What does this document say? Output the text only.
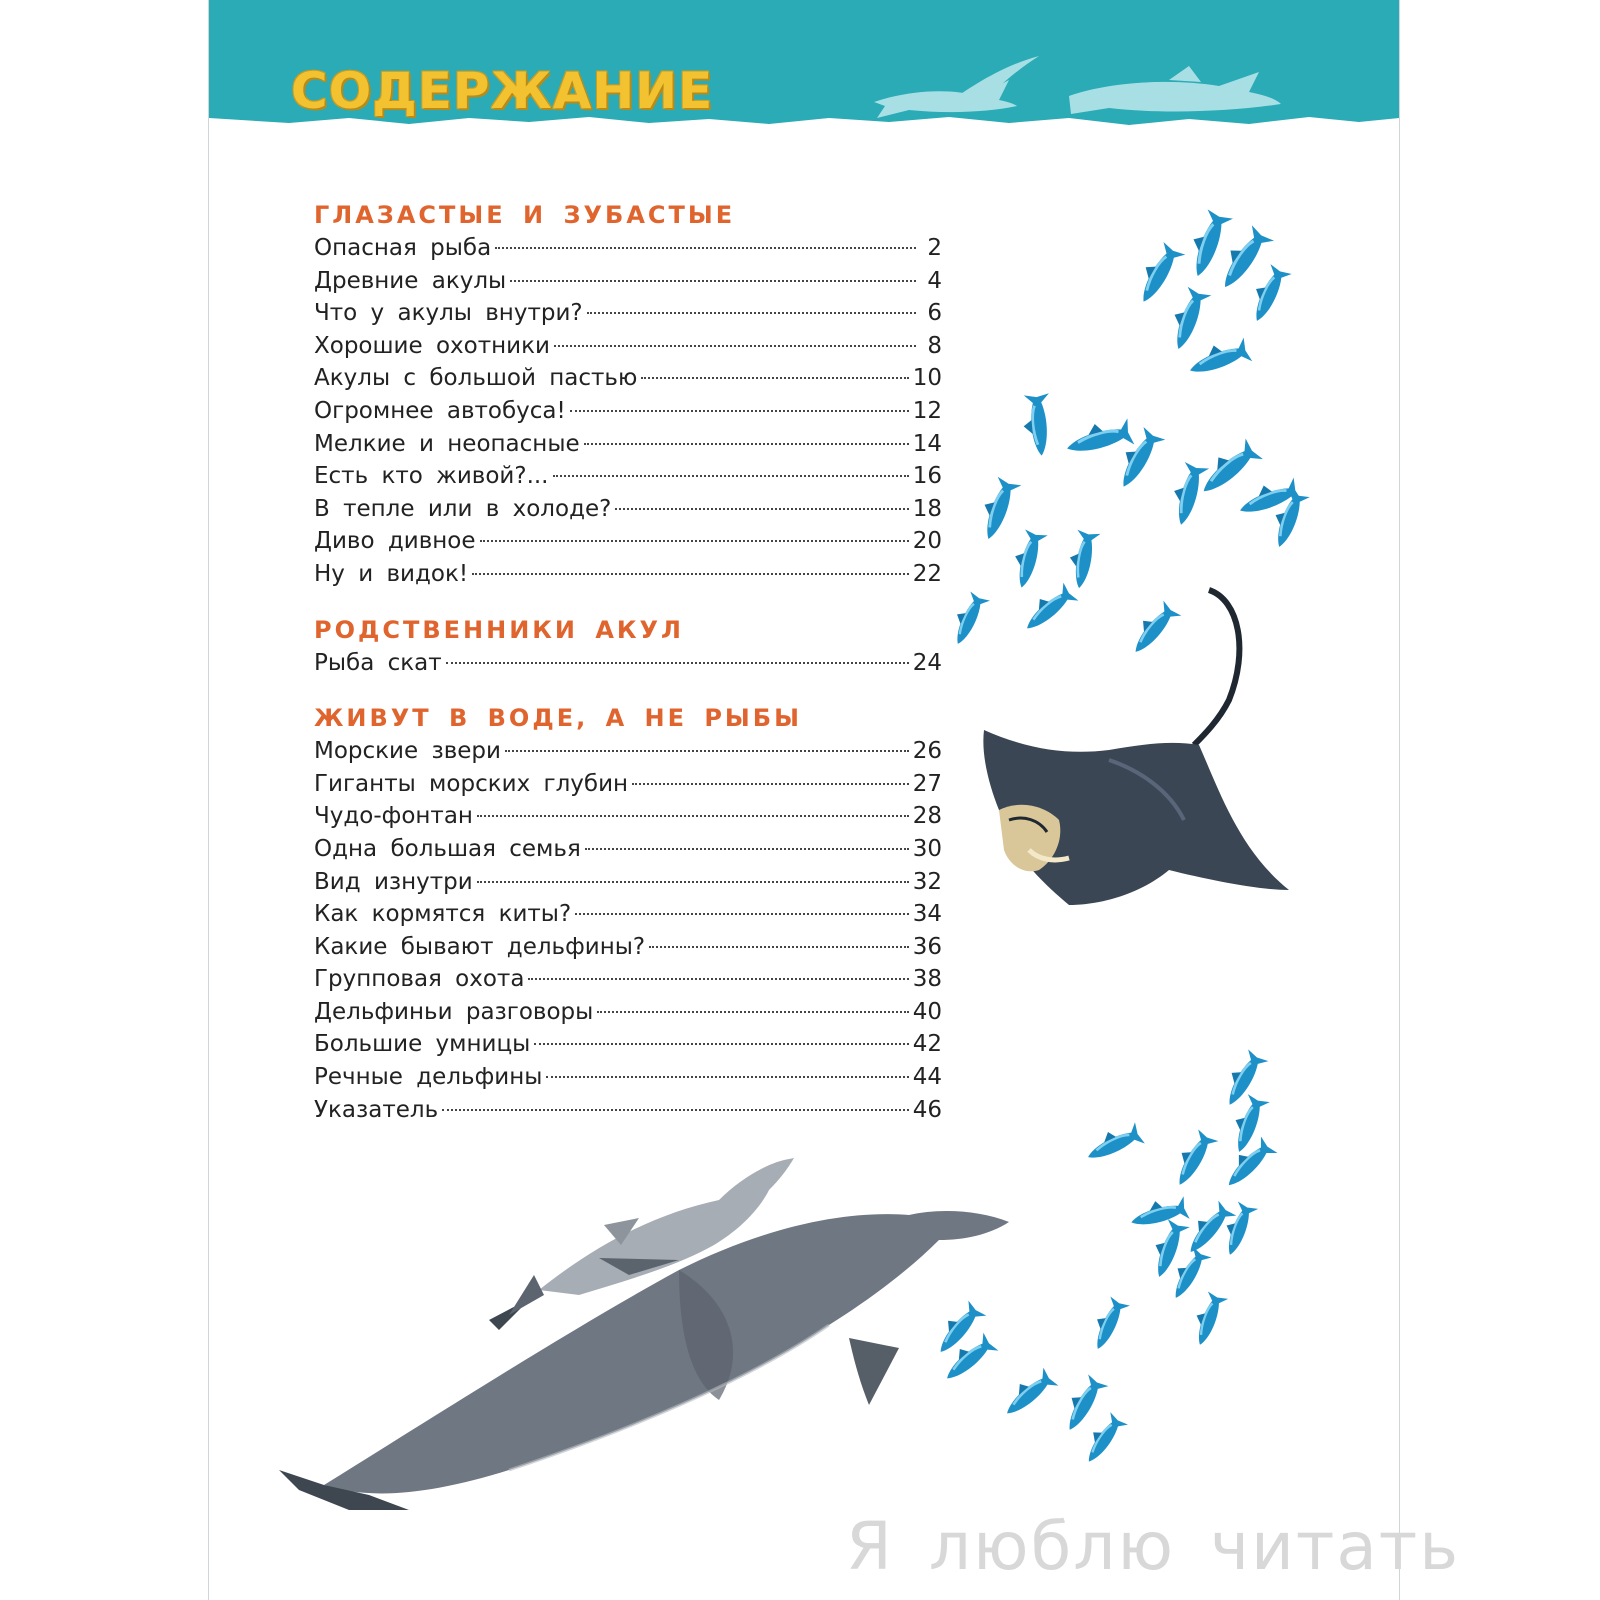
СОДЕРЖАНИЕ
ГЛАЗАСТЫЕ И ЗУБАСТЫЕ
Опасная рыба	2
Древние акулы	4
Что у акулы внутри?	6
Хорошие охотники	8
Акулы с большой пастью	10
Огромнее автобуса!	12
Мелкие и неопасные	14
Есть кто живой?...	16
В тепле или в холоде?	18
Диво дивное	20
Ну и видок!	22
РОДСТВЕННИКИ АКУЛ
Рыба скат	24
ЖИВУТ В ВОДЕ, А НЕ РЫБЫ
Морские звери	26
Гиганты морских глубин	27
Чудо-фонтан	28
Одна большая семья	30
Вид изнутри	32
Как кормятся киты?	34
Какие бывают дельфины?	36
Групповая охота	38
Дельфиньи разговоры	40
Большие умницы	42
Речные дельфины	44
Указатель	46
Я люблю читать
